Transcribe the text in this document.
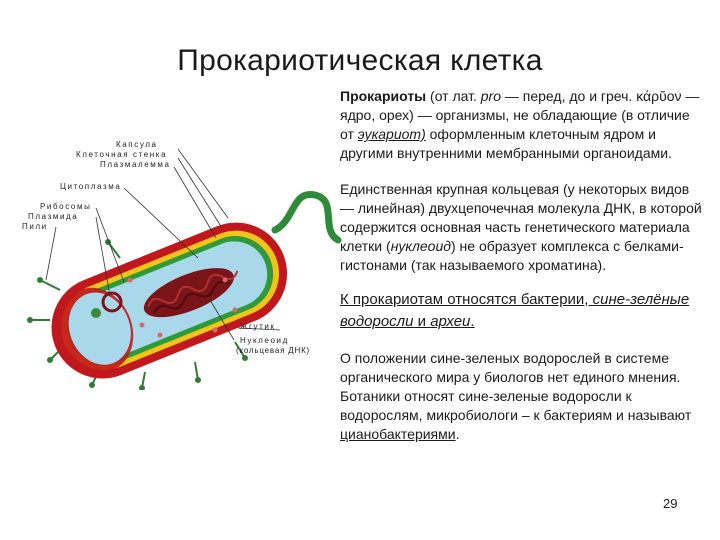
Прокариотическая клетка
Капсула
Клеточная стенка
Плазмалемма
Цитоплазма
Рибосомы
Плазмида
Пили
Жгутик
Нуклеоид
(кольцевая ДНК)

Прокариоты (от лат. pro — перед, до и греч. κάρῠον — ядро, орех) — организмы, не обладающие (в отличие от эукариот) оформленным клеточным ядром и другими внутренними мембранными органоидами.

Единственная крупная кольцевая (у некоторых видов — линейная) двухцепочечная молекула ДНК, в которой содержится основная часть генетического материала клетки (нуклеоид) не образует комплекса с белками-гистонами (так называемого хроматина).

К прокариотам относятся бактерии, сине-зелёные водоросли и археи.

О положении сине-зеленых водорослей в системе органического мира у биологов нет единого мнения. Ботаники относят сине-зеленые водоросли к водорослям, микробиологи – к бактериям и называют цианобактериями.

29
